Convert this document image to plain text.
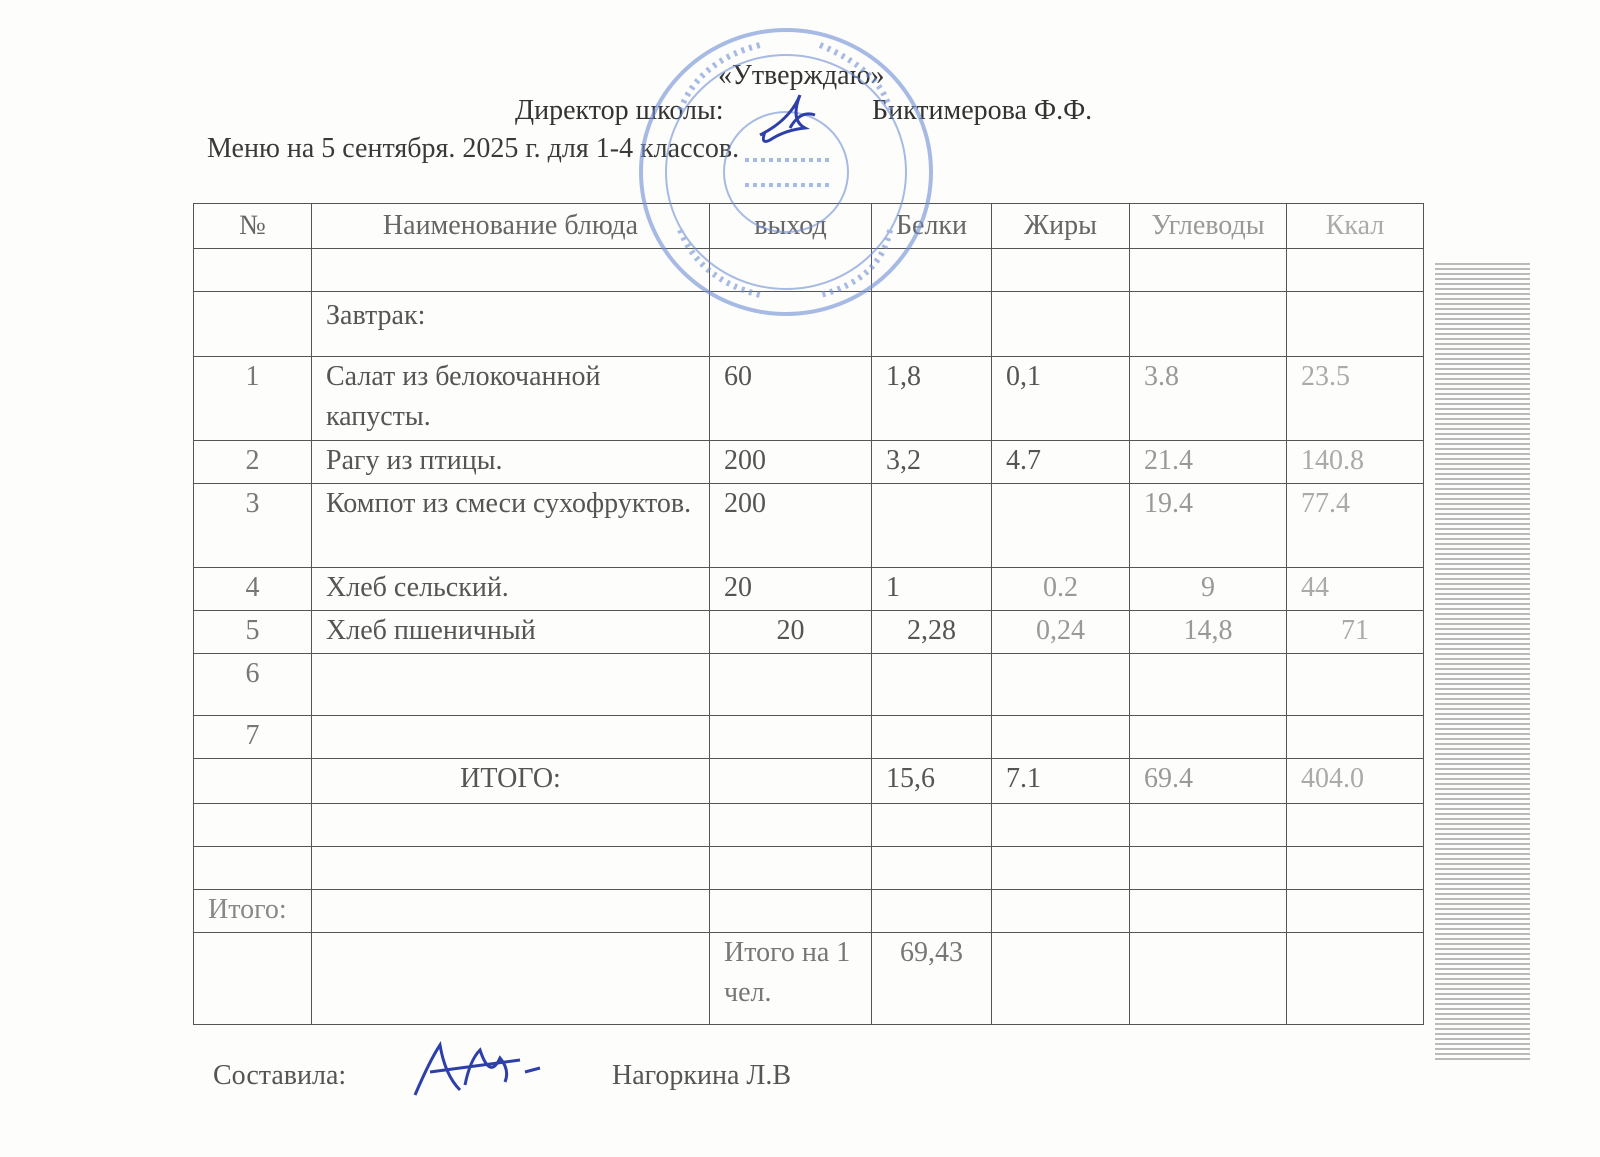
«Утверждаю»
Директор школы:	Биктимерова Ф.Ф.
Меню на 5 сентября. 2025 г. для 1-4 классов.
№	Наименование блюда	выход	Белки	Жиры	Углеводы	Ккал

	Завтрак:					
1	Салат из белокочанной капусты.	60	1,8	0,1	3.8	23.5
2	Рагу из птицы.	200	3,2	4.7	21.4	140.8
3	Компот из смеси сухофруктов.	200			19.4	77.4
4	Хлеб сельский.	20	1	0.2	9	44
5	Хлеб пшеничный	20	2,28	0,24	14,8	71
6						
7						
	ИТОГО:		15,6	7.1	69.4	404.0

Итого:						
		Итого на 1 чел.	69,43			
Составила:	Нагоркина Л.В
